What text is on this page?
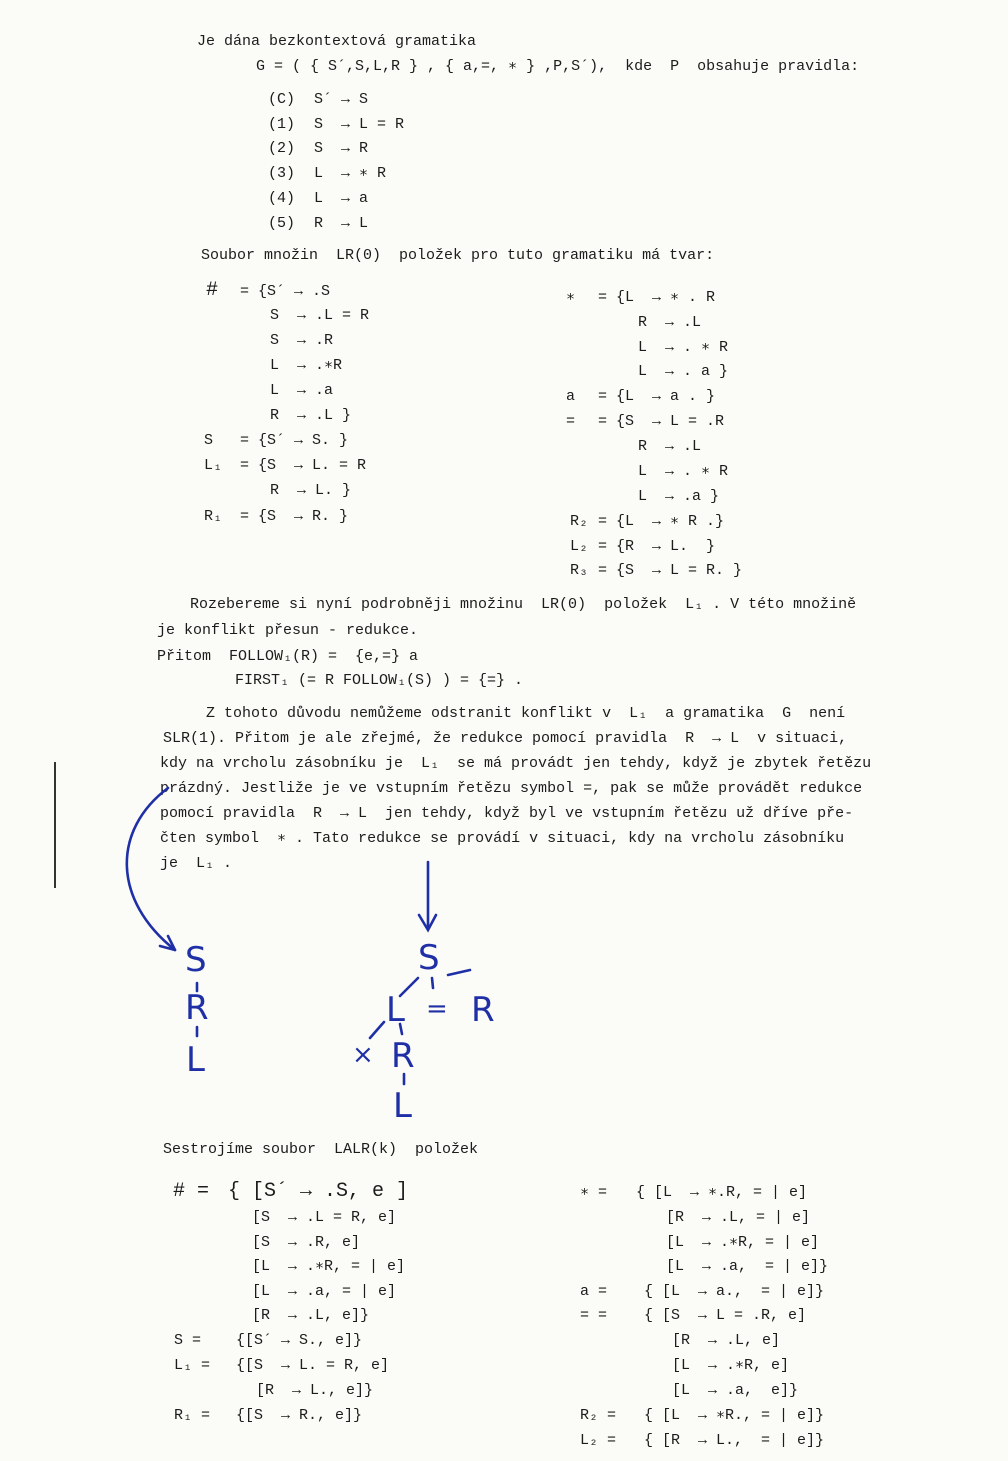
Je dána bezkontextová gramatika
G = ( { S´,S,L,R } , { a,=, ∗ } ,P,S´),  kde  P  obsahuje pravidla:
(C) S´ → S
(1) S  → L = R
(2) S  → R
(3) L  → ∗ R
(4) L  → a
(5) R  → L
Soubor množin  LR(0)  položek pro tuto gramatiku má tvar:
# = {S´ → .S
S  → .L = R
S  → .R
L  → .∗R
L  → .a
R  → .L }
S = {S´ → S. }
L₁ = {S  → L. = R
R  → L. }
R₁ = {S  → R. }
∗ = {L  → ∗ . R
R  → .L
L  → . ∗ R
L  → . a }
a = {L  → a . }
= = {S  → L = .R
R  → .L
L  → . ∗ R
L  → .a }
R₂ = {L  → ∗ R .}
L₂ = {R  → L.  }
R₃ = {S  → L = R. }
Rozebereme si nyní podrobněji množinu  LR(0)  položek  L₁ . V této množině
je konflikt přesun - redukce.
Přitom  FOLLOW₁(R) =  {e,=} a
FIRST₁ (= R FOLLOW₁(S) ) = {=} .
Z tohoto důvodu nemůžeme odstranit konflikt v  L₁  a gramatika  G  není
SLR(1). Přitom je ale zřejmé, že redukce pomocí pravidla  R  → L  v situaci,
kdy na vrcholu zásobníku je  L₁  se má provádt jen tehdy, když je zbytek řetězu
prázdný. Jestliže je ve vstupním řetězu symbol =, pak se může provádět redukce
pomocí pravidla  R  → L  jen tehdy, když byl ve vstupním řetězu už dříve pře-
čten symbol  ∗ . Tato redukce se provádí v situaci, kdy na vrcholu zásobníku
je  L₁ .
S
R
L
S
L = R
× R
L
Sestrojíme soubor  LALR(k)  položek
# = { [S´ → .S, e ]
[S  → .L = R, e]
[S  → .R, e]
[L  → .∗R, = | e]
[L  → .a, = | e]
[R  → .L, e]}
S = {[S´ → S., e]}
L₁ = {[S  → L. = R, e]
[R  → L., e]}
R₁ = {[S  → R., e]}
∗ = { [L  → ∗.R, = | e]
[R  → .L, = | e]
[L  → .∗R, = | e]
[L  → .a,  = | e]}
a = { [L  → a.,  = | e]}
= = { [S  → L = .R, e]
[R  → .L, e]
[L  → .∗R, e]
[L  → .a,  e]}
R₂ = { [L  → ∗R., = | e]}
L₂ = { [R  → L.,  = | e]}
